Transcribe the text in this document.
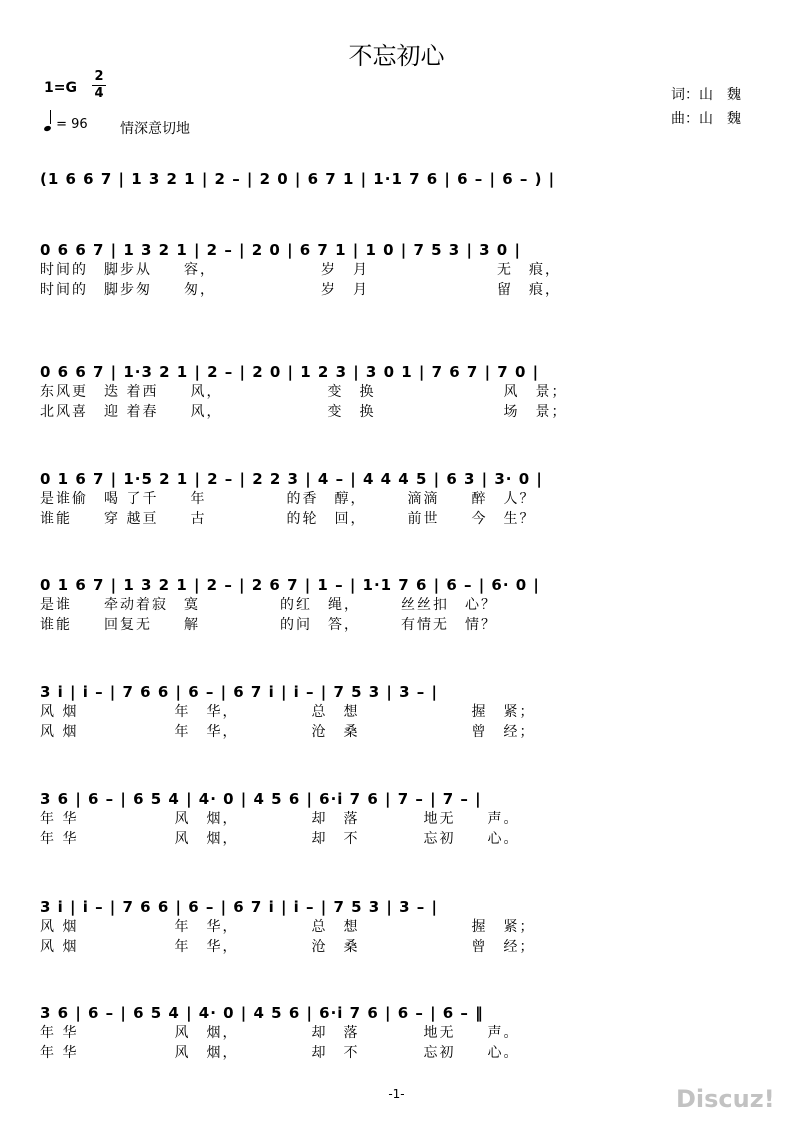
不忘初心
1=G
2
4
= 96 情深意切地
词：山　魏
曲：山　魏
(1 6 6 7 | 1 3 2 1 | 2 – | 2 0 | 6 7 1 | 1·1 7 6 | 6 – | 6 – ) |
0 6 6 7 | 1 3 2 1 | 2 – | 2 0 | 6 7 1 | 1 0 | 7 5 3 | 3 0 |
时间的　脚步从　　容，　　　　　　　岁　月　　　　　　　　无　痕，
时间的　脚步匆　　匆，　　　　　　　岁　月　　　　　　　　留　痕，
0 6 6 7 | 1·3 2 1 | 2 – | 2 0 | 1 2 3 | 3 0 1 | 7 6 7 | 7 0 |
东风更　迭 着西　　风，　　　　　　　变　换　　　　　　　　风　景；
北风喜　迎 着春　　风，　　　　　　　变　换　　　　　　　　场　景；
0 1 6 7 | 1·5 2 1 | 2 – | 2 2 3 | 4 – | 4 4 4 5 | 6 3 | 3· 0 |
是谁偷　喝 了千　　年　　　　　的香　醇，　　　滴滴　　醉　人？
谁能　　穿 越亘　　古　　　　　的轮　回，　　　前世　　今　生？
0 1 6 7 | 1 3 2 1 | 2 – | 2 6 7 | 1 – | 1·1 7 6 | 6 – | 6· 0 |
是谁　　牵动着寂　寞　　　　　的红　绳，　　　丝丝扣　心？
谁能　　回复无　　解　　　　　的问　答，　　　有情无　情？
3 i | i – | 7 6 6 | 6 – | 6 7 i | i – | 7 5 3 | 3 – |
风 烟　　　　　　年　华，　　　　　总　想　　　　　　　握　紧；
风 烟　　　　　　年　华，　　　　　沧　桑　　　　　　　曾　经；
3 6 | 6 – | 6 5 4 | 4· 0 | 4 5 6 | 6·i 7 6 | 7 – | 7 – |
年 华　　　　　　风　烟，　　　　　却　落　　　　地无　　声。
年 华　　　　　　风　烟，　　　　　却　不　　　　忘初　　心。
3 i | i – | 7 6 6 | 6 – | 6 7 i | i – | 7 5 3 | 3 – |
风 烟　　　　　　年　华，　　　　　总　想　　　　　　　握　紧；
风 烟　　　　　　年　华，　　　　　沧　桑　　　　　　　曾　经；
3 6 | 6 – | 6 5 4 | 4· 0 | 4 5 6 | 6·i 7 6 | 6 – | 6 – ‖
年 华　　　　　　风　烟，　　　　　却　落　　　　地无　　声。
年 华　　　　　　风　烟，　　　　　却　不　　　　忘初　　心。
-1-	Discuz!
